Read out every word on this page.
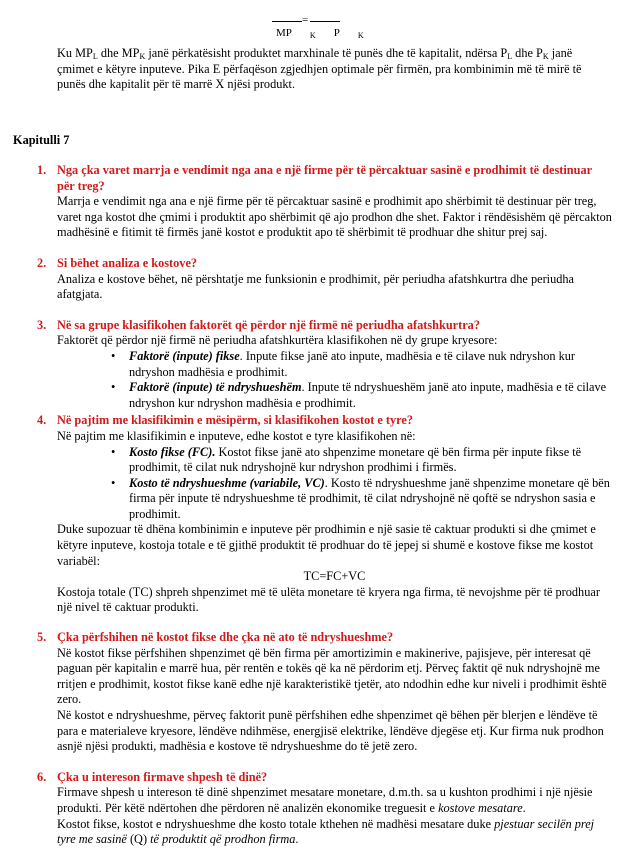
=
MP $_K$ P $_K$
Ku $MP_L$ dhe $MP_K$ janë përkatësisht produktet marxhinale të punës dhe të kapitalit, ndërsa $P_L$ dhe $P_K$ janë çmimet e këtyre inputeve. Pika E përfaqëson zgjedhjen optimale për firmën, pra kombinimin më të mirë të punës dhe kapitalit për të marrë X njësi produkt.
Kapitulli 7
1. Nga çka varet marrja e vendimit nga ana e një firme për të përcaktuar sasinë e prodhimit të destinuar për treg?

Marrja e vendimit nga ana e një firme për të përcaktuar sasinë e prodhimit apo shërbimit të destinuar për treg, varet nga kostot dhe çmimi i produktit apo shërbimit që ajo prodhon dhe shet. Faktor i rëndësishëm që përcakton madhësinë e fitimit të firmës janë kostot e produktit apo të shërbimit të prodhuar dhe shitur prej saj.

2. Si bëhet analiza e kostove?

Analiza e kostove bëhet, në përshtatje me funksionin e prodhimit, për periudha afatshkurtra dhe periudha afatgjata.

3. Në sa grupe klasifikohen faktorët që përdor një firmë në periudha afatshkurtra?

Faktorët që përdor një firmë në periudha afatshkurtëra klasifikohen në dy grupe kryesore:

• Faktorë (inpute) fikse. Inpute fikse janë ato inpute, madhësia e të cilave nuk ndryshon kur ndryshon madhësia e prodhimit.
• Faktorë (inpute) të ndryshueshëm. Inpute të ndryshueshëm janë ato inpute, madhësia e të cilave ndryshon kur ndryshon madhësia e prodhimit.
4. Në pajtim me klasifikimin e mësipërm, si klasifikohen kostot e tyre?

Në pajtim me klasifikimin e inputeve, edhe kostot e tyre klasifikohen në:

• Kosto fikse (FC). Kostot fikse janë ato shpenzime monetare që bën firma për inpute fikse të prodhimit, të cilat nuk ndryshojnë kur ndryshon prodhimi i firmës.
• Kosto të ndryshueshme (variabile, VC). Kosto të ndryshueshme janë shpenzime monetare që bën firma për inpute të ndryshueshme të prodhimit, të cilat ndryshojnë në qoftë se ndryshon sasia e prodhimit.

Duke supozuar të dhëna kombinimin e inputeve për prodhimin e një sasie të caktuar produkti si dhe çmimet e këtyre inputeve, kostoja totale e të gjithë produktit të prodhuar do të jepej si shumë e kostove fikse me kostot variabël:

TC=FC+VC

Kostoja totale (TC) shpreh shpenzimet më të ulëta monetare të kryera nga firma, të nevojshme për të prodhuar një nivel të caktuar produkti.

5. Çka përfshihen në kostot fikse dhe çka në ato të ndryshueshme?

Në kostot fikse përfshihen shpenzimet që bën firma për amortizimin e makinerive, pajisjeve, për interesat që paguan për kapitalin e marrë hua, për rentën e tokës që ka në përdorim etj. Përveç faktit që nuk ndryshojnë me rritjen e prodhimit, kostot fikse kanë edhe një karakteristikë tjetër, ato ndodhin edhe kur niveli i prodhimit është zero.

Në kostot e ndryshueshme, përveç faktorit punë përfshihen edhe shpenzimet që bëhen për blerjen e lëndëve të para e materialeve kryesore, lëndëve ndihmëse, energjisë elektrike, lëndëve djegëse etj. Kur firma nuk prodhon asnjë njësi produkti, madhësia e kostove të ndryshueshme do të jetë zero.

6. Çka u intereson firmave shpesh të dinë?

Firmave shpesh u intereson të dinë shpenzimet mesatare monetare, d.m.th. sa u kushton prodhimi i një njësie produkti. Për këtë ndërtohen dhe përdoren në analizën ekonomike treguesit e kostove mesatare.

Kostot fikse, kostot e ndryshueshme dhe kosto totale kthehen në madhësi mesatare duke pjestuar secilën prej tyre me sasinë (Q) të produktit që prodhon firma.
